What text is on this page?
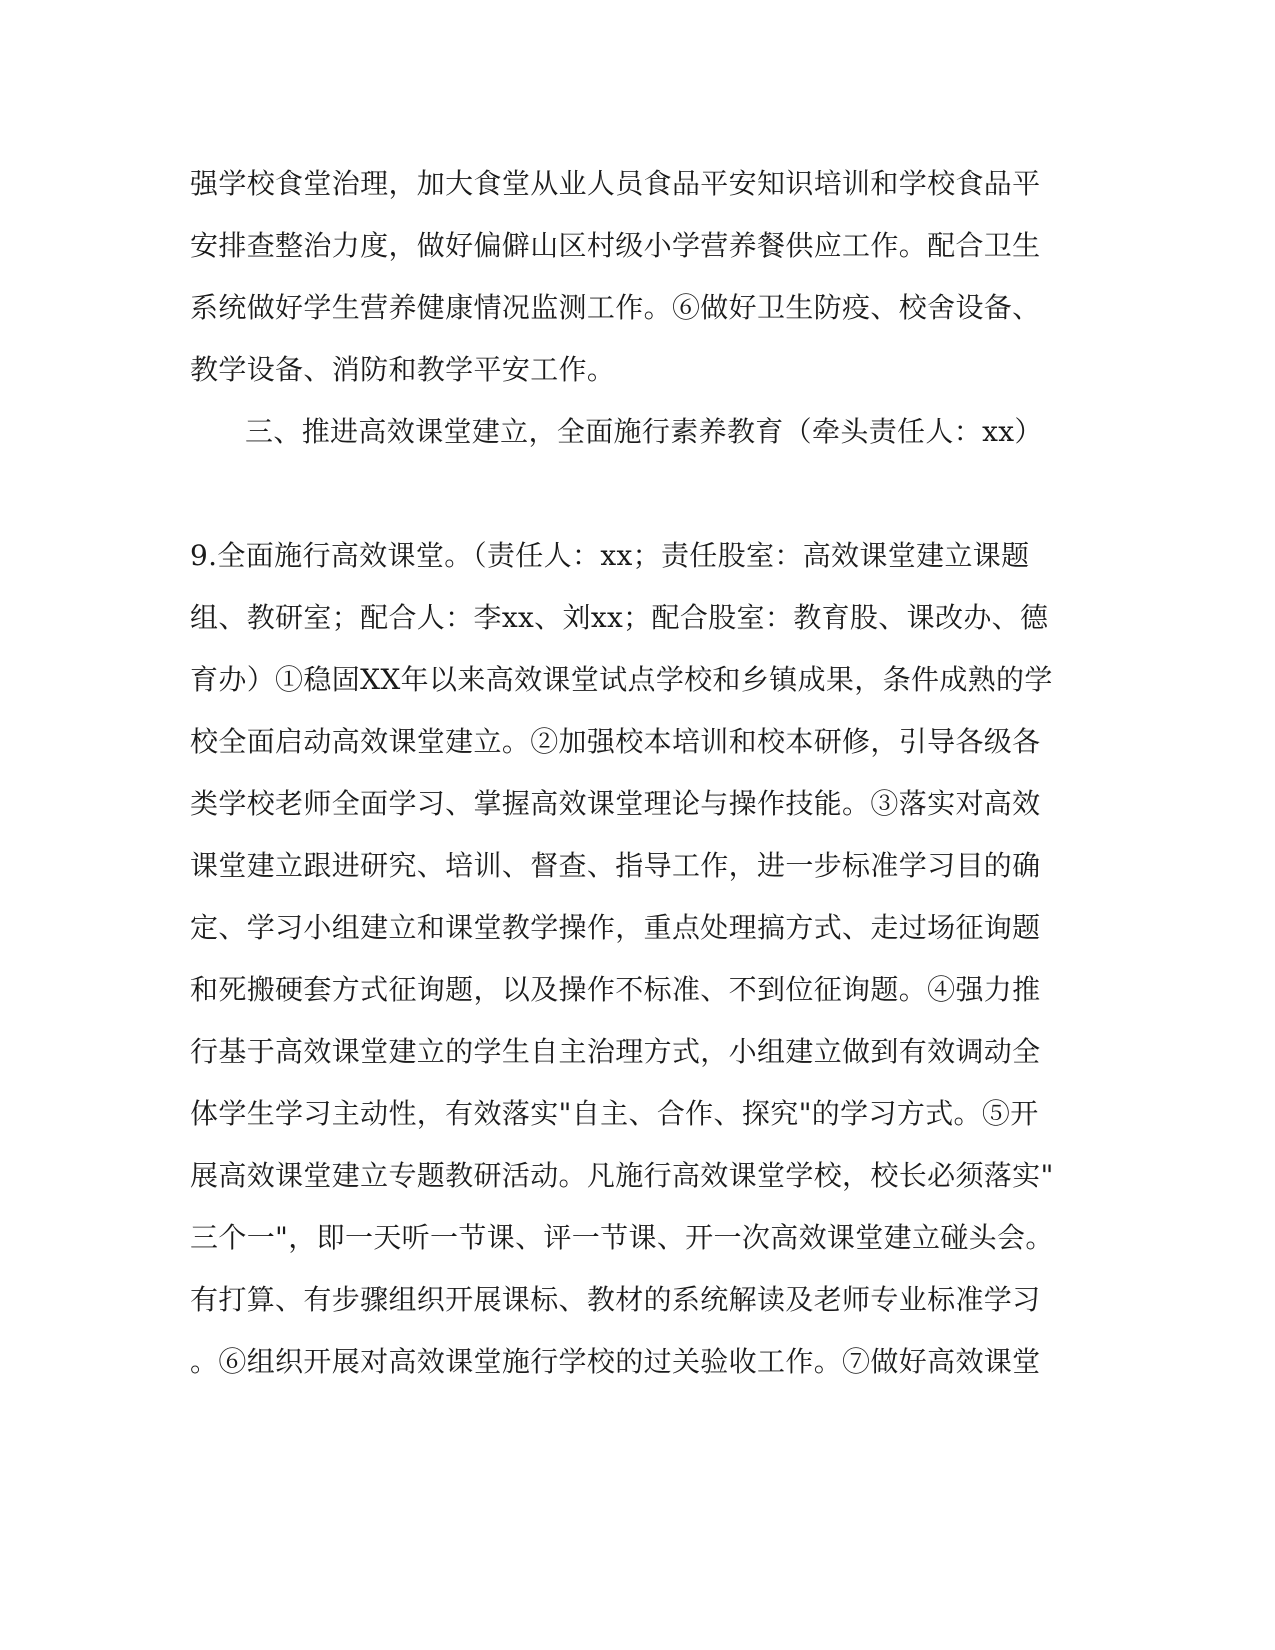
强学校食堂治理，加大食堂从业人员食品平安知识培训和学校食品平
安排查整治力度，做好偏僻山区村级小学营养餐供应工作。配合卫生
系统做好学生营养健康情况监测工作。⑥做好卫生防疫、校舍设备、
教学设备、消防和教学平安工作。
三、推进高效课堂建立，全面施行素养教育（牵头责任人：xx）
9.全面施行高效课堂。（责任人：xx；责任股室：高效课堂建立课题
组、教研室；配合人：李xx、刘xx；配合股室：教育股、课改办、德
育办）①稳固XX年以来高效课堂试点学校和乡镇成果，条件成熟的学
校全面启动高效课堂建立。②加强校本培训和校本研修，引导各级各
类学校老师全面学习、掌握高效课堂理论与操作技能。③落实对高效
课堂建立跟进研究、培训、督查、指导工作，进一步标准学习目的确
定、学习小组建立和课堂教学操作，重点处理搞方式、走过场征询题
和死搬硬套方式征询题，以及操作不标准、不到位征询题。④强力推
行基于高效课堂建立的学生自主治理方式，小组建立做到有效调动全
体学生学习主动性，有效落实"自主、合作、探究"的学习方式。⑤开
展高效课堂建立专题教研活动。凡施行高效课堂学校，校长必须落实"
三个一"，即一天听一节课、评一节课、开一次高效课堂建立碰头会。
有打算、有步骤组织开展课标、教材的系统解读及老师专业标准学习
。⑥组织开展对高效课堂施行学校的过关验收工作。⑦做好高效课堂
